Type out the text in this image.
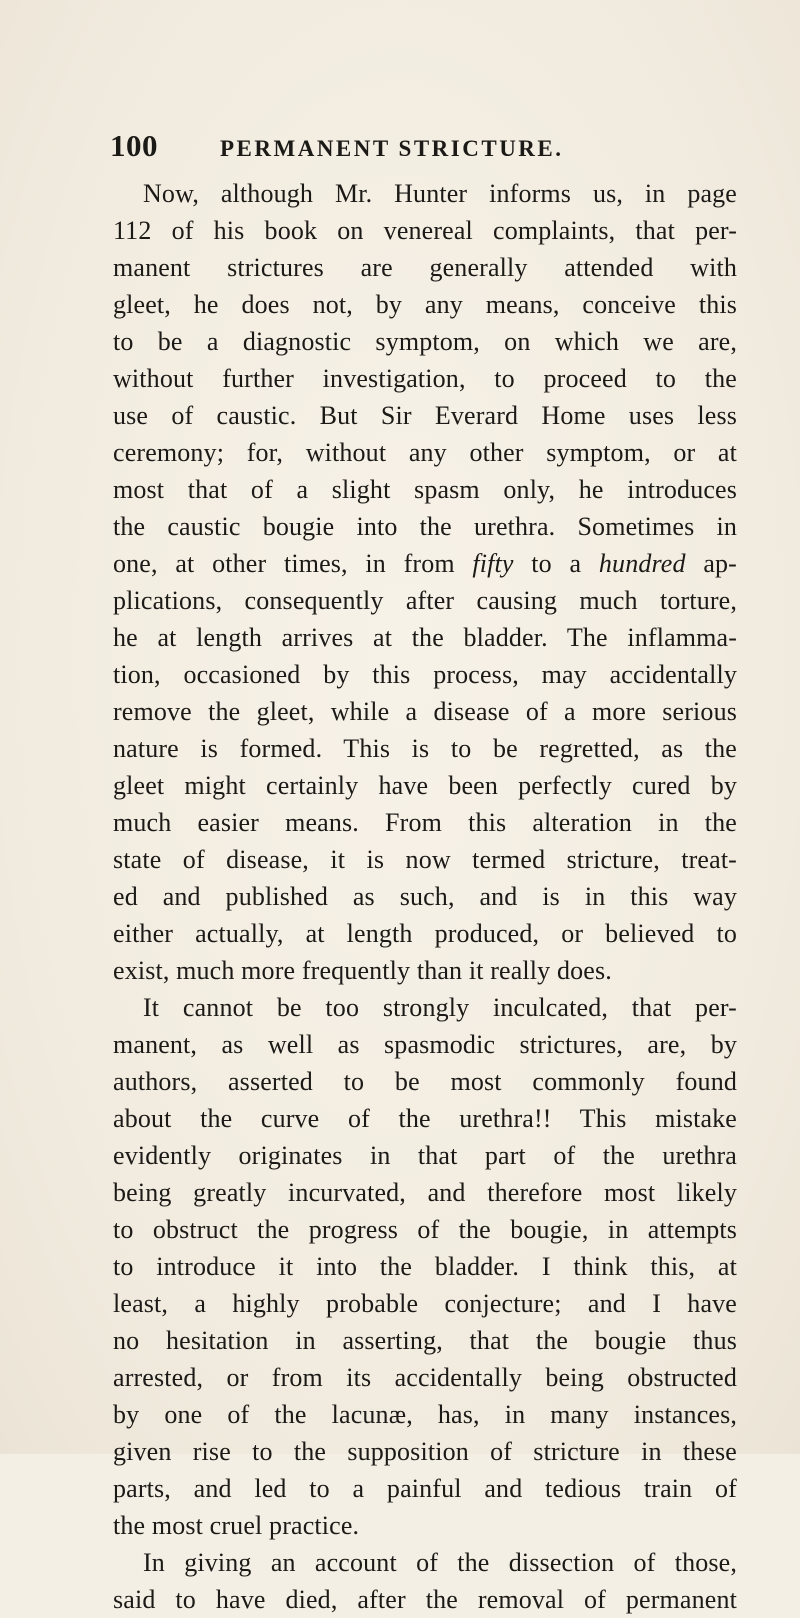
100	PERMANENT STRICTURE.
Now, although Mr. Hunter informs us, in page
112 of his book on venereal complaints, that per-
manent strictures are generally attended with
gleet, he does not, by any means, conceive this
to be a diagnostic symptom, on which we are,
without further investigation, to proceed to the
use of caustic. But Sir Everard Home uses less
ceremony; for, without any other symptom, or at
most that of a slight spasm only, he introduces
the caustic bougie into the urethra. Sometimes in
one, at other times, in from fifty to a hundred ap-
plications, consequently after causing much torture,
he at length arrives at the bladder. The inflamma-
tion, occasioned by this process, may accidentally
remove the gleet, while a disease of a more serious
nature is formed. This is to be regretted, as the
gleet might certainly have been perfectly cured by
much easier means. From this alteration in the
state of disease, it is now termed stricture, treat-
ed and published as such, and is in this way
either actually, at length produced, or believed to
exist, much more frequently than it really does.
It cannot be too strongly inculcated, that per-
manent, as well as spasmodic strictures, are, by
authors, asserted to be most commonly found
about the curve of the urethra!! This mistake
evidently originates in that part of the urethra
being greatly incurvated, and therefore most likely
to obstruct the progress of the bougie, in attempts
to introduce it into the bladder. I think this, at
least, a highly probable conjecture; and I have
no hesitation in asserting, that the bougie thus
arrested, or from its accidentally being obstructed
by one of the lacunæ, has, in many instances,
given rise to the supposition of stricture in these
parts, and led to a painful and tedious train of
the most cruel practice.
In giving an account of the dissection of those,
said to have died, after the removal of permanent
